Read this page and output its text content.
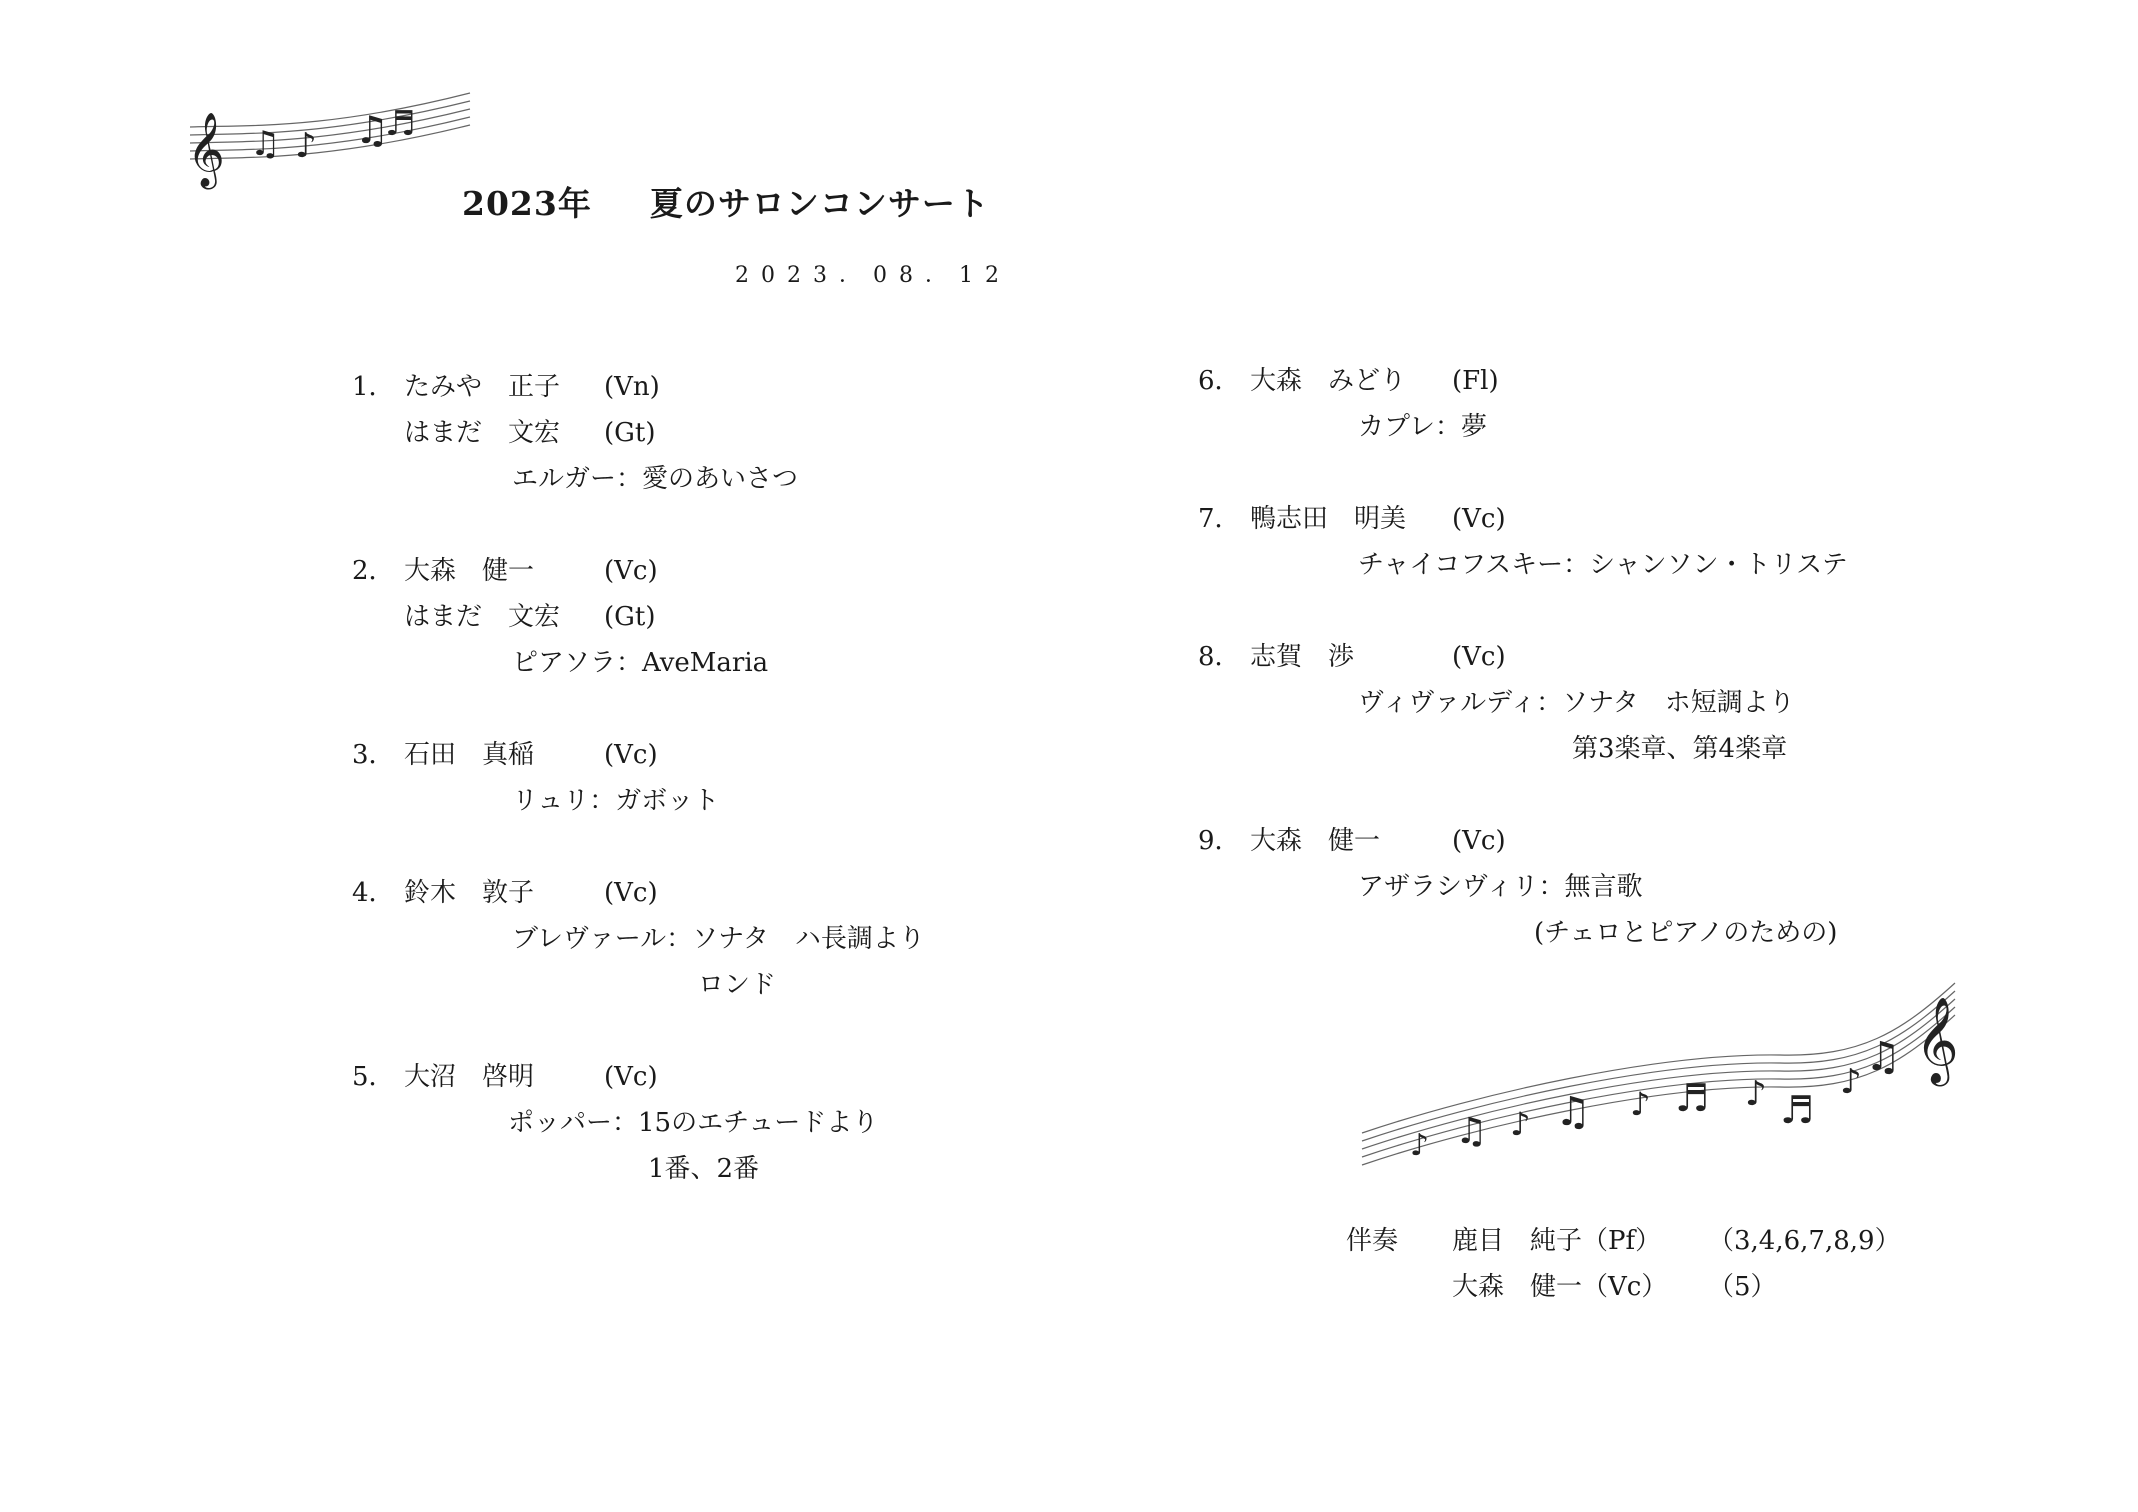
𝄞 ♫ ♪ ♫
♬
2023年 夏のサロンコンサート
2023．08．12
1． たみや　正子 (Vn)
はまだ　文宏 (Gt)
エルガー：愛のあいさつ
2． 大森　健一	(Vc)
はまだ　文宏 (Gt)
ピアソラ：AveMaria
3． 石田　真稲	(Vc)
リュリ：ガボット
4． 鈴木　敦子	(Vc)
ブレヴァール：ソナタ　ハ長調より
ロンド
5． 大沼　啓明	(Vc)
ポッパー：15のエチュードより
1番、2番
6． 大森　みどり (Fl)
カプレ：夢
7． 鴨志田　明美 (Vc)
チャイコフスキー：シャンソン・トリステ
8． 志賀　渉	(Vc)
ヴィヴァルディ：ソナタ　ホ短調より
第3楽章、第4楽章
9． 大森　健一	(Vc)
アザラシヴィリ：無言歌
(チェロとピアノのための)
𝄞
♪ ♫ ♪ ♫ ♪ ♬ ♪ ♬
♪
♫
伴奏 鹿目　純子（Pf） （3,4,6,7,8,9）
大森　健一（Vc） （5）
